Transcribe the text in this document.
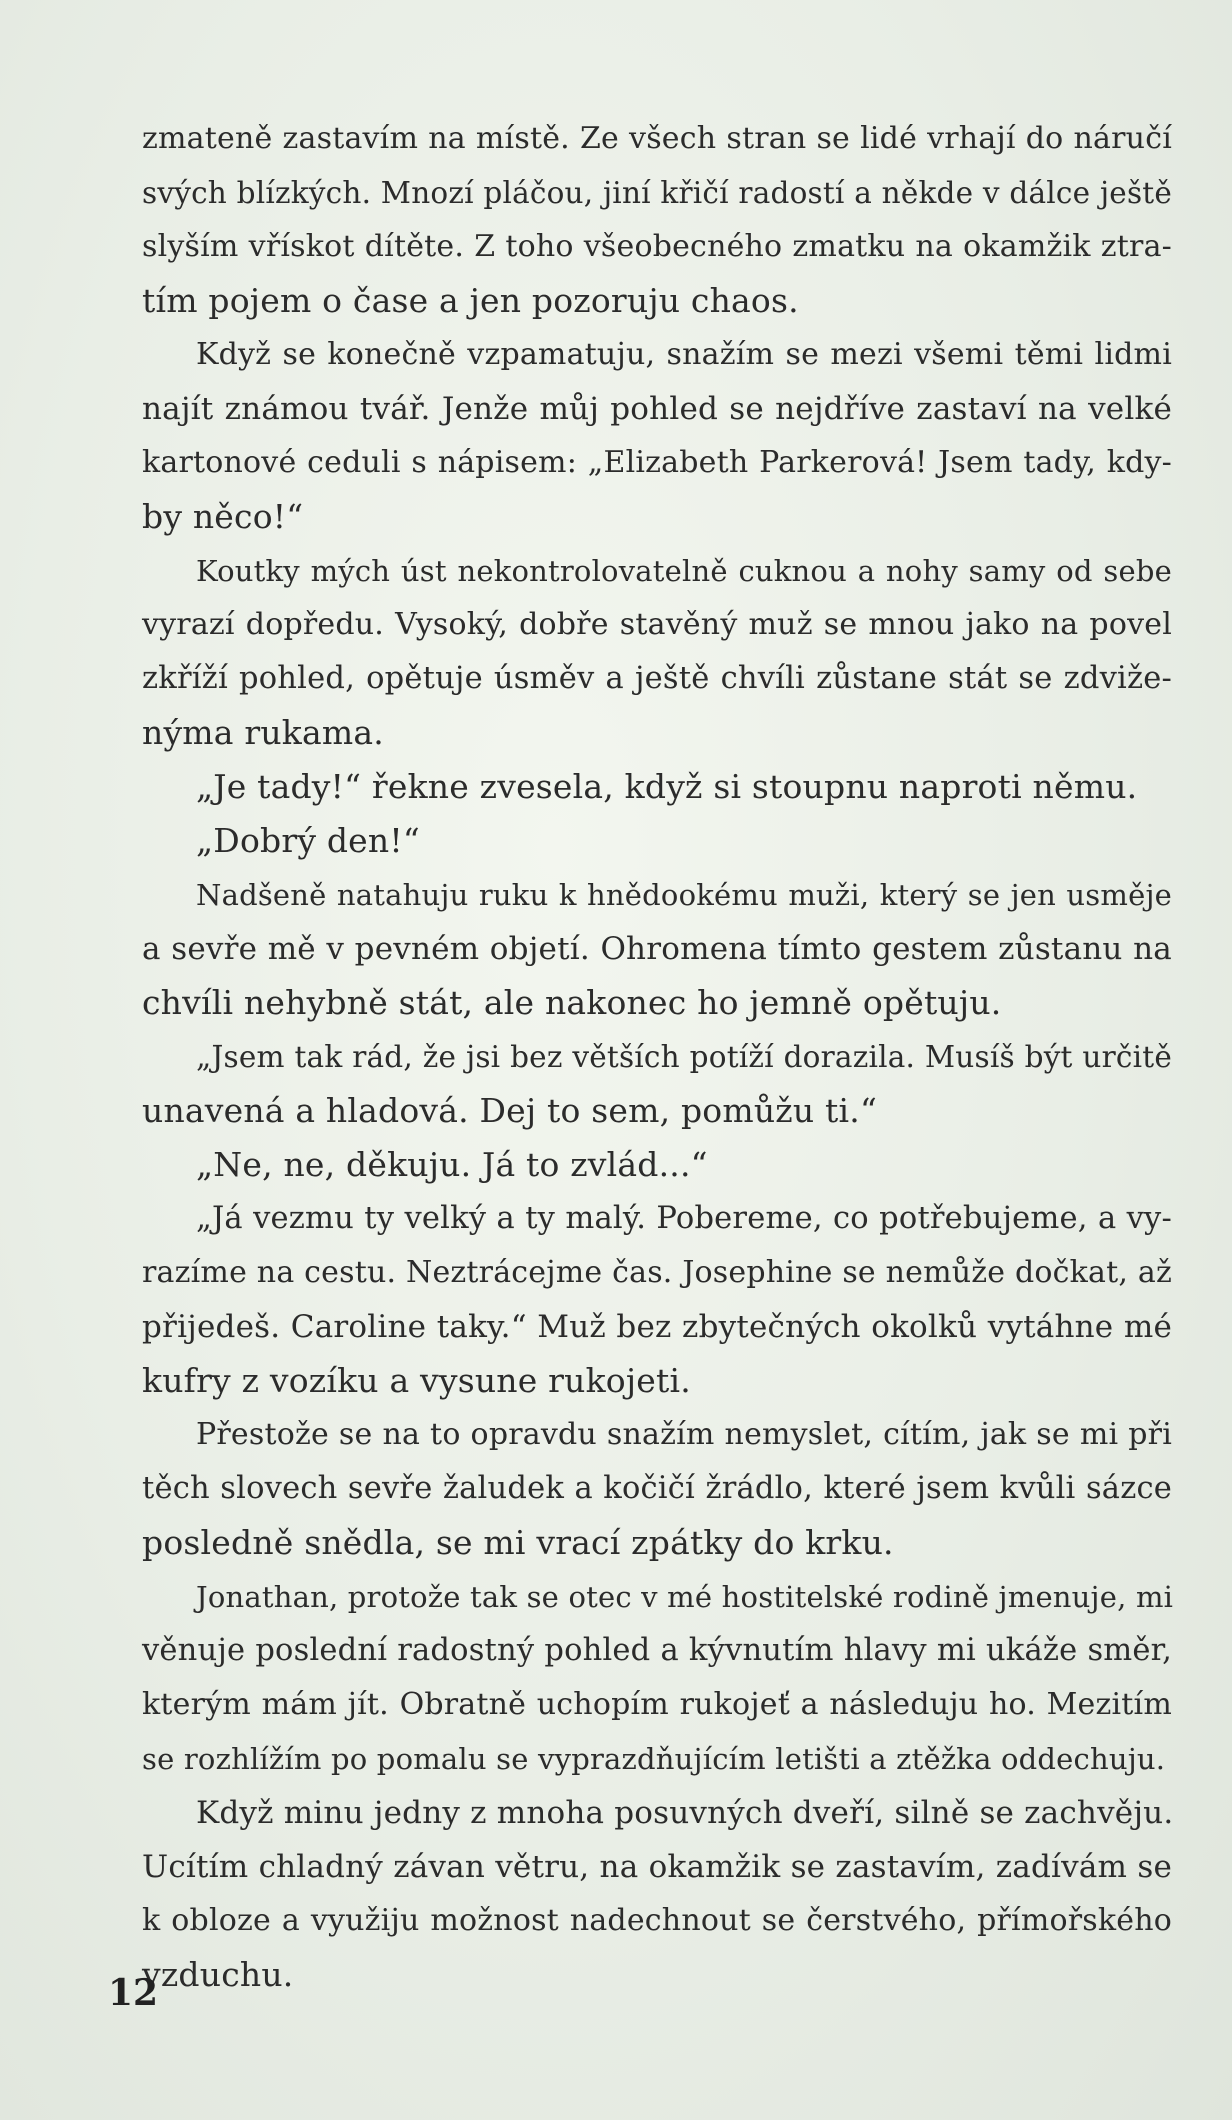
zmateně zastavím na místě. Ze všech stran se lidé vrhají do náručí
svých blízkých. Mnozí pláčou, jiní křičí radostí a někde v dálce ještě
slyším vřískot dítěte. Z toho všeobecného zmatku na okamžik ztra-
tím pojem o čase a jen pozoruju chaos.
Když se konečně vzpamatuju, snažím se mezi všemi těmi lidmi
najít známou tvář. Jenže můj pohled se nejdříve zastaví na velké
kartonové ceduli s nápisem: „Elizabeth Parkerová! Jsem tady, kdy-
by něco!“
Koutky mých úst nekontrolovatelně cuknou a nohy samy od sebe
vyrazí dopředu. Vysoký, dobře stavěný muž se mnou jako na povel
zkříží pohled, opětuje úsměv a ještě chvíli zůstane stát se zdviže-
nýma rukama.
„Je tady!“ řekne zvesela, když si stoupnu naproti němu.
„Dobrý den!“
Nadšeně natahuju ruku k hnědookému muži, který se jen usměje
a sevře mě v pevném objetí. Ohromena tímto gestem zůstanu na
chvíli nehybně stát, ale nakonec ho jemně opětuju.
„Jsem tak rád, že jsi bez větších potíží dorazila. Musíš být určitě
unavená a hladová. Dej to sem, pomůžu ti.“
„Ne, ne, děkuju. Já to zvlád...“
„Já vezmu ty velký a ty malý. Pobereme, co potřebujeme, a vy-
razíme na cestu. Neztrácejme čas. Josephine se nemůže dočkat, až
přijedeš. Caroline taky.“ Muž bez zbytečných okolků vytáhne mé
kufry z vozíku a vysune rukojeti.
Přestože se na to opravdu snažím nemyslet, cítím, jak se mi při
těch slovech sevře žaludek a kočičí žrádlo, které jsem kvůli sázce
posledně snědla, se mi vrací zpátky do krku.
Jonathan, protože tak se otec v mé hostitelské rodině jmenuje, mi
věnuje poslední radostný pohled a kývnutím hlavy mi ukáže směr,
kterým mám jít. Obratně uchopím rukojeť a následuju ho. Mezitím
se rozhlížím po pomalu se vyprazdňujícím letišti a ztěžka oddechuju.
Když minu jedny z mnoha posuvných dveří, silně se zachvěju.
Ucítím chladný závan větru, na okamžik se zastavím, zadívám se
k obloze a využiju možnost nadechnout se čerstvého, přímořského
vzduchu.
12
